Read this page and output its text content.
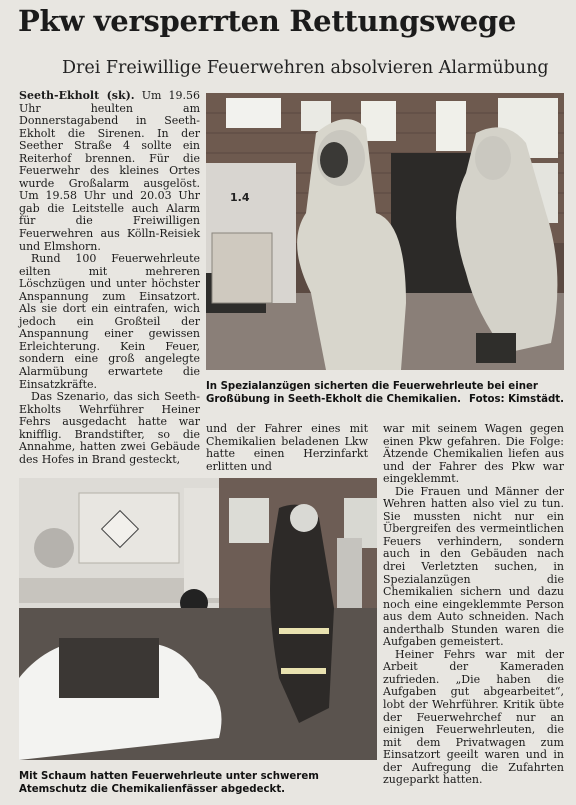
Pkw versperrten Rettungswege
Drei Freiwillige Feuerwehren absolvieren Alarmübung

Seeth-Ekholt (sk). Um 19.56 Uhr heulten am Donnerstagabend in Seeth-Ekholt die Sirenen. In der Seether Straße 4 sollte ein Reiterhof brennen. Für die Feuerwehr des kleines Ortes wurde Großalarm ausgelöst. Um 19.58 Uhr und 20.03 Uhr gab die Leitstelle auch Alarm für die Freiwilligen Feuerwehren aus Kölln-Reisiek und Elmshorn.

Rund 100 Feuerwehrleute eilten mit mehreren Löschzügen und unter höchster Anspannung zum Einsatzort. Als sie dort ein eintrafen, wich jedoch ein Großteil der Anspannung einer gewissen Erleichterung. Kein Feuer, sondern eine groß angelegte Alarmübung erwartete die Einsatzkräfte.

Das Szenario, das sich Seeth-Ekholts Wehrführer Heiner Fehrs ausgedacht hatte war knifflig. Brandstifter, so die Annahme, hatten zwei Gebäude des Hofes in Brand gesteckt,

1.4
In Spezialanzügen sicherten die Feuerwehrleute bei einer Großübung in Seeth-Ekholt die Chemikalien. Fotos: Kimstädt.

und der Fahrer eines mit Chemikalien beladenen Lkw hatte einen Herzinfarkt erlitten und

war mit seinem Wagen gegen einen Pkw gefahren. Die Folge: Ätzende Chemikalien liefen aus und der Fahrer des Pkw war eingeklemmt.

Die Frauen und Männer der Wehren hatten also viel zu tun. Sie mussten nicht nur ein Übergreifen des vermeintlichen Feuers verhindern, sondern auch in den Gebäuden nach drei Verletzten suchen, in Spezialanzügen die Chemikalien sichern und dazu noch eine eingeklemmte Person aus dem Auto schneiden. Nach anderthalb Stunden waren die Aufgaben gemeistert.

Heiner Fehrs war mit der Arbeit der Kameraden zufrieden. „Die haben die Aufgaben gut abgearbeitet“, lobt der Wehrführer. Kritik übte der Feuerwehrchef nur an einigen Feuerwehrleuten, die mit dem Privatwagen zum Einsatzort geeilt waren und in der Aufregung die Zufahrten zugeparkt hatten.

Mit Schaum hatten Feuerwehrleute unter schwerem Atemschutz die Chemikalienfässer abgedeckt.
